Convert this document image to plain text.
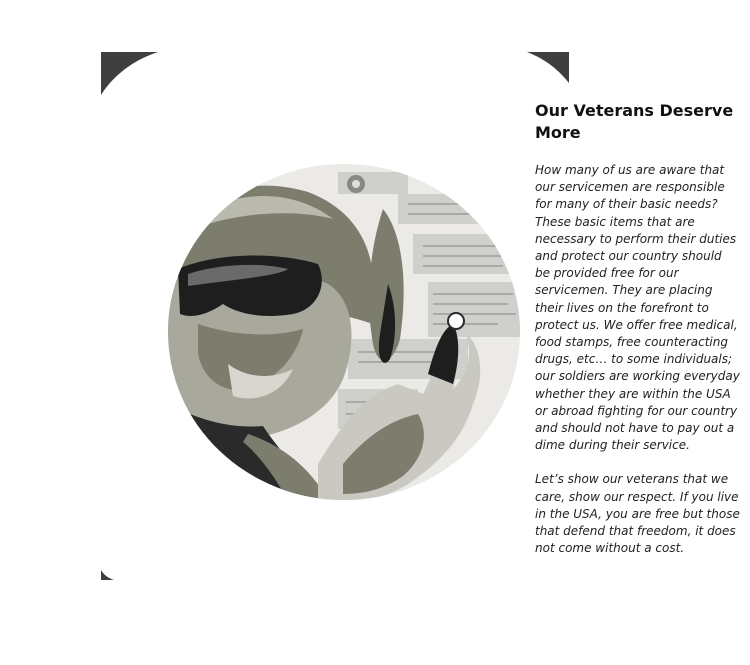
Our Veterans Deserve More

How many of us are aware that our servicemen are responsible for many of their basic needs? These basic items that are necessary to perform their duties and protect our country should be provided free for our servicemen. They are placing their lives on the forefront to protect us. We offer free medical, food stamps, free counteracting drugs, etc… to some individuals; our soldiers are working everyday whether they are within the USA or abroad fighting for our country and should not have to pay out a dime during their service.

Let’s show our veterans that we care, show our respect. If you live in the USA, you are free but those that defend that freedom, it does not come without a cost.
